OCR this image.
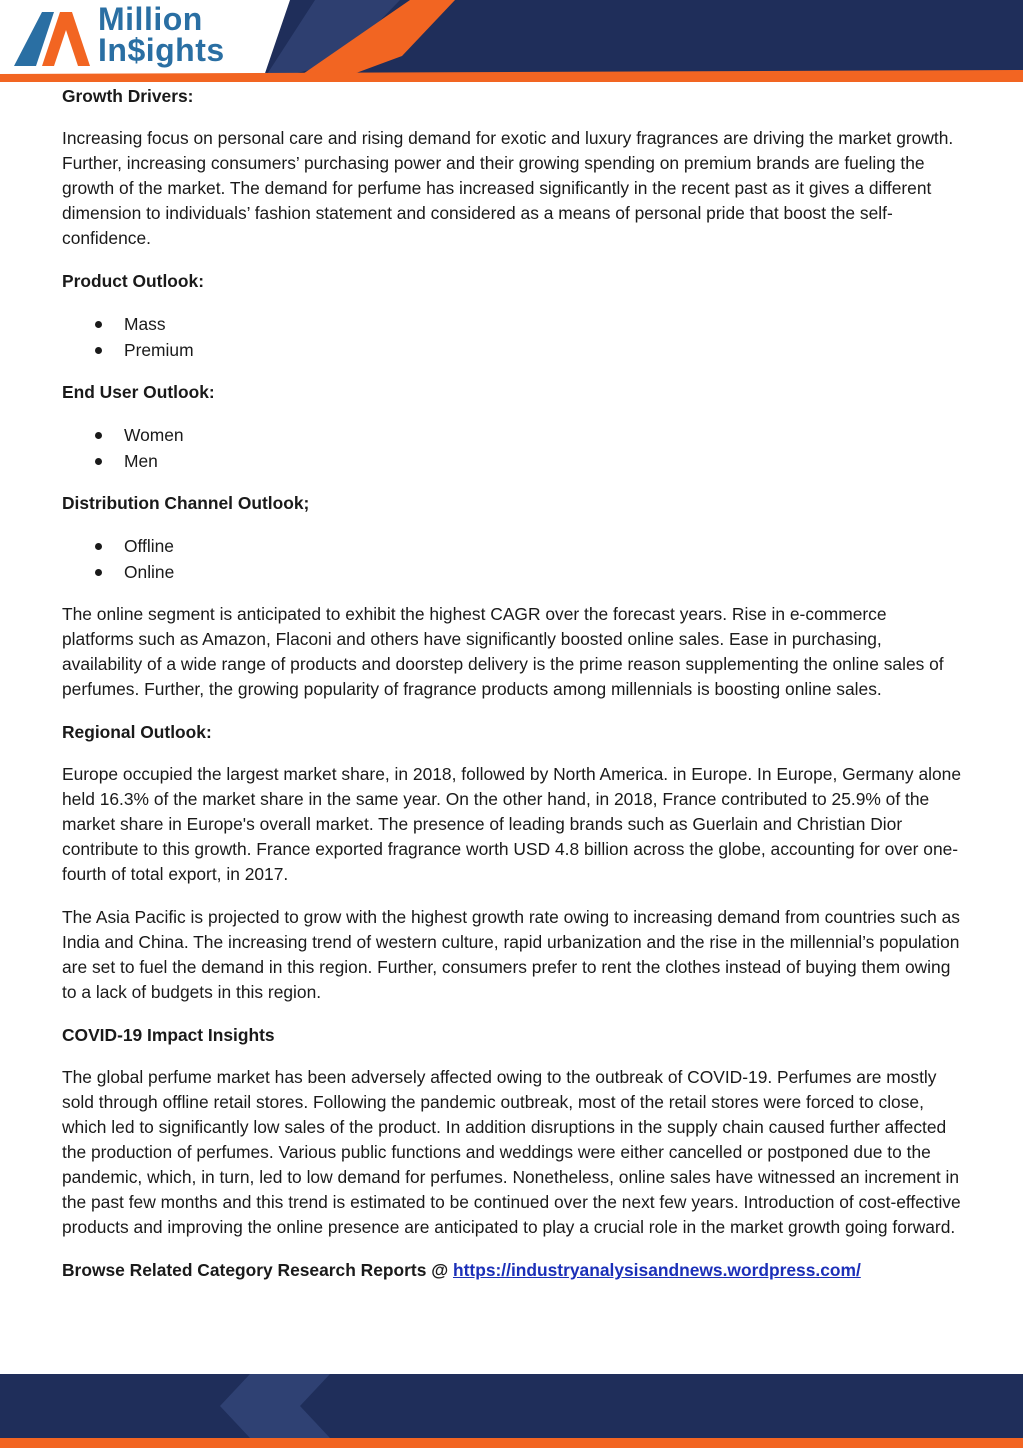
Million
In$ights
Growth Drivers:

Increasing focus on personal care and rising demand for exotic and luxury fragrances are driving the market growth. Further, increasing consumers’ purchasing power and their growing spending on premium brands are fueling the growth of the market. The demand for perfume has increased significantly in the recent past as it gives a different dimension to individuals’ fashion statement and considered as a means of personal pride that boost the self-confidence.

Product Outlook:
Mass
Premium
End User Outlook:
Women
Men
Distribution Channel Outlook;
Offline
Online

The online segment is anticipated to exhibit the highest CAGR over the forecast years. Rise in e-commerce platforms such as Amazon, Flaconi and others have significantly boosted online sales. Ease in purchasing, availability of a wide range of products and doorstep delivery is the prime reason supplementing the online sales of perfumes. Further, the growing popularity of fragrance products among millennials is boosting online sales.

Regional Outlook:

Europe occupied the largest market share, in 2018, followed by North America. in Europe. In Europe, Germany alone held 16.3% of the market share in the same year. On the other hand, in 2018, France contributed to 25.9% of the market share in Europe's overall market. The presence of leading brands such as Guerlain and Christian Dior contribute to this growth. France exported fragrance worth USD 4.8 billion across the globe, accounting for over one-fourth of total export, in 2017.

The Asia Pacific is projected to grow with the highest growth rate owing to increasing demand from countries such as India and China. The increasing trend of western culture, rapid urbanization and the rise in the millennial’s population are set to fuel the demand in this region. Further, consumers prefer to rent the clothes instead of buying them owing to a lack of budgets in this region.

COVID-19 Impact Insights

The global perfume market has been adversely affected owing to the outbreak of COVID-19. Perfumes are mostly sold through offline retail stores. Following the pandemic outbreak, most of the retail stores were forced to close, which led to significantly low sales of the product. In addition disruptions in the supply chain caused further affected the production of perfumes. Various public functions and weddings were either cancelled or postponed due to the pandemic, which, in turn, led to low demand for perfumes. Nonetheless, online sales have witnessed an increment in the past few months and this trend is estimated to be continued over the next few years. Introduction of cost-effective products and improving the online presence are anticipated to play a crucial role in the market growth going forward.

Browse Related Category Research Reports @ https://industryanalysisandnews.wordpress.com/
